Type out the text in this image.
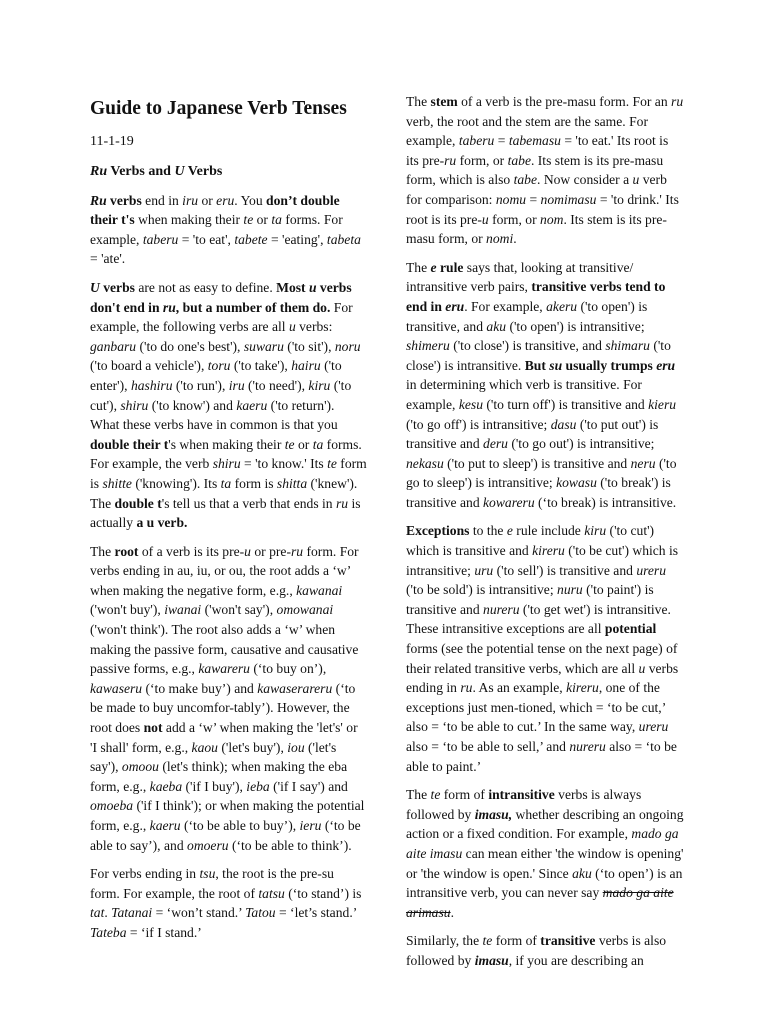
Guide to Japanese Verb Tenses
11-1-19
Ru Verbs and U Verbs

Ru verbs end in iru or eru. You don’t double their t's when making their te or ta forms. For example, taberu = 'to eat', tabete = 'eating', tabeta = 'ate'.

U verbs are not as easy to define. Most u verbs don't end in ru, but a number of them do. For example, the following verbs are all u verbs: ganbaru ('to do one's best'), suwaru ('to sit'), noru ('to board a vehicle'), toru ('to take'), hairu ('to enter'), hashiru ('to run'), iru ('to need'), kiru ('to cut'), shiru ('to know') and kaeru ('to return'). What these verbs have in common is that you double their t's when making their te or ta forms. For example, the verb shiru = 'to know.' Its te form is shitte ('knowing'). Its ta form is shitta ('knew'). The double t's tell us that a verb that ends in ru is actually a u verb.

The root of a verb is its pre-u or pre-ru form. For verbs ending in au, iu, or ou, the root adds a ‘w’ when making the negative form, e.g., kawanai ('won't buy'), iwanai ('won't say'), omowanai ('won't think'). The root also adds a ‘w’ when making the passive form, causative and causative passive forms, e.g., kawareru (‘to buy on’), kawaseru (‘to make buy’) and kawaserareru (‘to be made to buy uncomfor-tably’). However, the root does not add a ‘w’ when making the 'let's' or 'I shall' form, e.g., kaou ('let's buy'), iou ('let's say'), omoou (let's think); when making the eba form, e.g., kaeba ('if I buy'), ieba ('if I say') and omoeba ('if I think'); or when making the potential form, e.g., kaeru (‘to be able to buy’), ieru (‘to be able to say’), and omoeru (‘to be able to think’).

For verbs ending in tsu, the root is the pre-su form. For example, the root of tatsu (‘to stand’) is tat. Tatanai = ‘won’t stand.’ Tatou = ‘let’s stand.’ Tateba = ‘if I stand.’

The stem of a verb is the pre-masu form. For an ru verb, the root and the stem are the same. For example, taberu = tabemasu = 'to eat.' Its root is its pre-ru form, or tabe. Its stem is its pre-masu form, which is also tabe. Now consider a u verb for comparison: nomu = nomimasu = 'to drink.' Its root is its pre-u form, or nom. Its stem is its pre-masu form, or nomi.

The e rule says that, looking at transitive/ intransitive verb pairs, transitive verbs tend to end in eru. For example, akeru ('to open') is transitive, and aku ('to open') is intransitive; shimeru ('to close') is transitive, and shimaru ('to close') is intransitive. But su usually trumps eru in determining which verb is transitive. For example, kesu ('to turn off') is transitive and kieru ('to go off') is intransitive; dasu ('to put out') is transitive and deru ('to go out') is intransitive; nekasu ('to put to sleep') is transitive and neru ('to go to sleep') is intransitive; kowasu ('to break') is transitive and kowareru (‘to break) is intransitive.

Exceptions to the e rule include kiru ('to cut') which is transitive and kireru ('to be cut') which is intransitive; uru ('to sell') is transitive and ureru ('to be sold') is intransitive; nuru ('to paint') is transitive and nureru ('to get wet') is intransitive. These intransitive exceptions are all potential forms (see the potential tense on the next page) of their related transitive verbs, which are all u verbs ending in ru. As an example, kireru, one of the exceptions just men-tioned, which = ‘to be cut,’ also = ‘to be able to cut.’ In the same way, ureru also = ‘to be able to sell,’ and nureru also = ‘to be able to paint.’

The te form of intransitive verbs is always followed by imasu, whether describing an ongoing action or a fixed condition. For example, mado ga aite imasu can mean either 'the window is opening' or 'the window is open.' Since aku (‘to open’) is an intransitive verb, you can never say mado ga aite arimasu.

Similarly, the te form of transitive verbs is also followed by imasu, if you are describing an
